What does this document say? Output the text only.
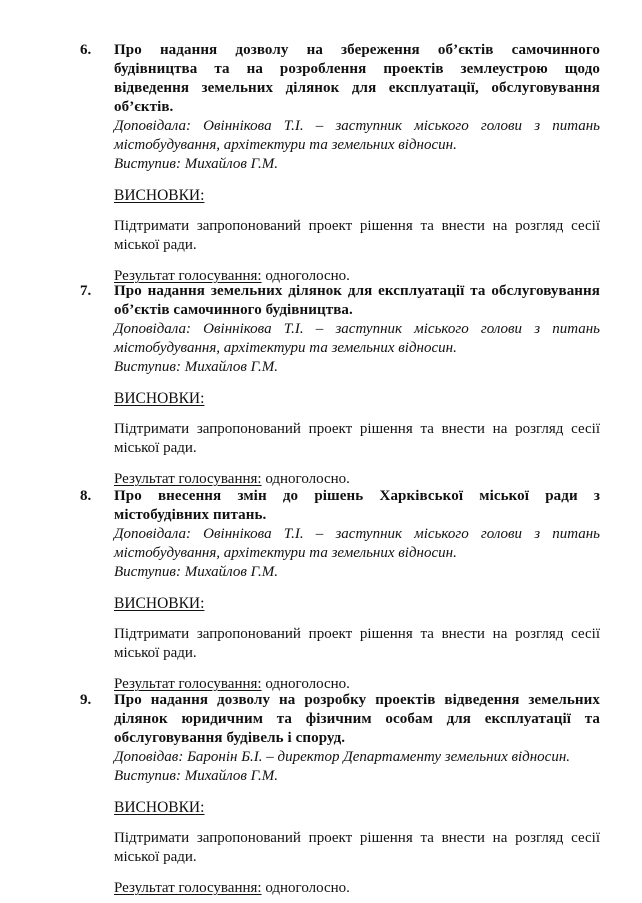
6. Про надання дозволу на збереження об’єктів самочинного будівництва та на розроблення проектів землеустрою щодо відведення земельних ділянок для експлуатації, обслуговування об’єктів.
Доповідала: Овіннікова Т.І. – заступник міського голови з питань містобудування, архітектури та земельних відносин.
Виступив: Михайлов Г.М.
ВИСНОВКИ:
Підтримати запропонований проект рішення та внести на розгляд сесії міської ради.
Результат голосування: одноголосно.
7. Про надання земельних ділянок для експлуатації та обслуговування об’єктів самочинного будівництва.
Доповідала: Овіннікова Т.І. – заступник міського голови з питань містобудування, архітектури та земельних відносин.
Виступив: Михайлов Г.М.
ВИСНОВКИ:
Підтримати запропонований проект рішення та внести на розгляд сесії міської ради.
Результат голосування: одноголосно.
8. Про внесення змін до рішень Харківської міської ради з містобудівних питань.
Доповідала: Овіннікова Т.І. – заступник міського голови з питань містобудування, архітектури та земельних відносин.
Виступив: Михайлов Г.М.
ВИСНОВКИ:
Підтримати запропонований проект рішення та внести на розгляд сесії міської ради.
Результат голосування: одноголосно.
9. Про надання дозволу на розробку проектів відведення земельних ділянок юридичним та фізичним особам для експлуатації та обслуговування будівель і споруд.
Доповідав: Баронін Б.І. – директор Департаменту земельних відносин.
Виступив: Михайлов Г.М.
ВИСНОВКИ:
Підтримати запропонований проект рішення та внести на розгляд сесії міської ради.
Результат голосування: одноголосно.
